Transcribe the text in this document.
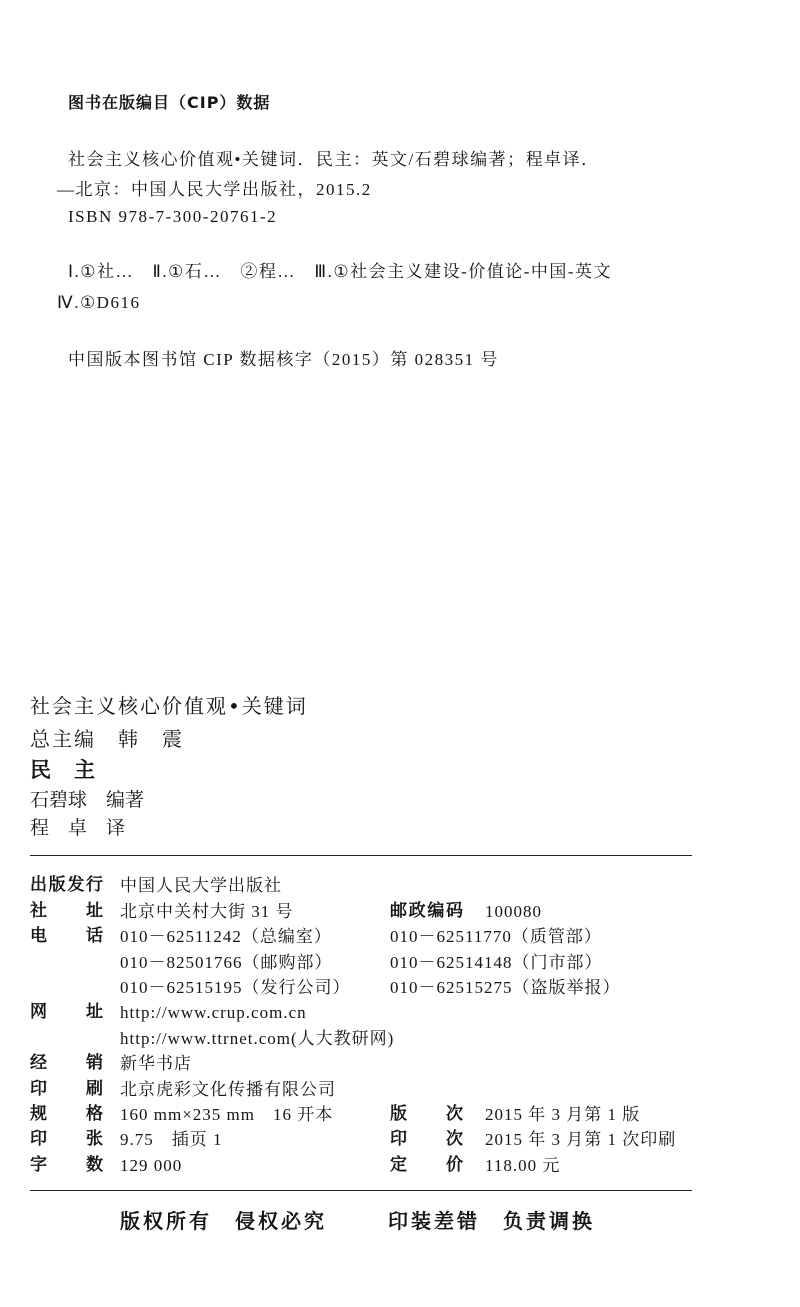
图书在版编目（CIP）数据
社会主义核心价值观•关键词．民主：英文/石碧球编著；程卓译．
—北京：中国人民大学出版社，2015.2
ISBN 978-7-300-20761-2
Ⅰ.①社…　Ⅱ.①石…　②程…　Ⅲ.①社会主义建设-价值论-中国-英文
Ⅳ.①D616
中国版本图书馆 CIP 数据核字（2015）第 028351 号
社会主义核心价值观•关键词
总主编　韩　震
民　主
石碧球　编著
程　卓　译
出版发行 中国人民大学出版社
社　址 北京中关村大街 31 号	邮政编码 100080
电　话 010－62511242（总编室）	010－62511770（质管部）
010－82501766（邮购部）	010－62514148（门市部）
010－62515195（发行公司） 010－62515275（盗版举报）
网　址 http://www.crup.com.cn
http://www.ttrnet.com(人大教研网)
经　销 新华书店
印　刷 北京虎彩文化传播有限公司
规　格 160 mm×235 mm　16 开本	版　次 2015 年 3 月第 1 版
印　张 9.75　插页 1	印　次 2015 年 3 月第 1 次印刷
字　数 129 000	定　价 118.00 元
版权所有　侵权必究	印装差错　负责调换
